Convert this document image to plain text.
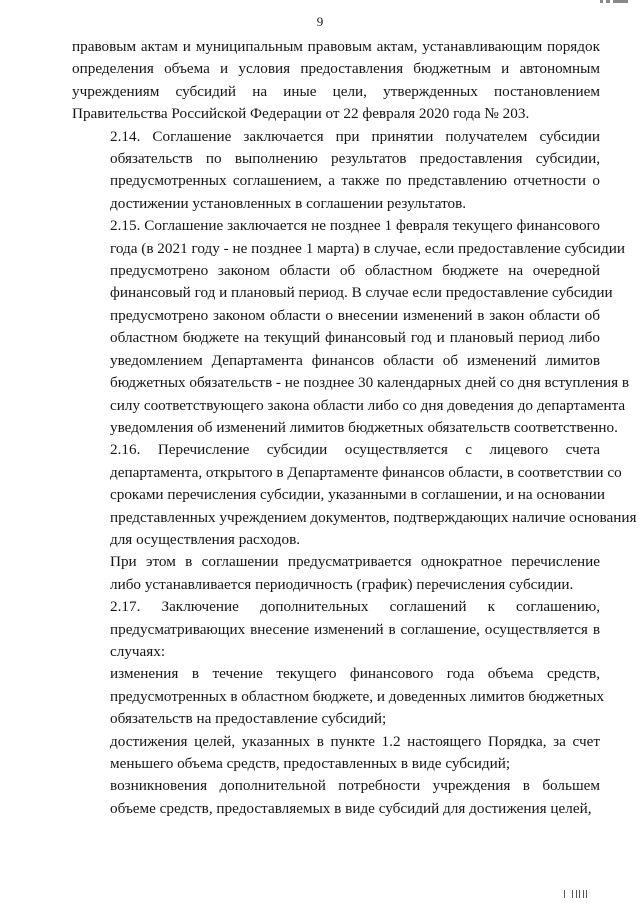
9

правовым актам и муниципальным правовым актам, устанавливающим порядок
определения объема и условия предоставления бюджетным и автономным
учреждениям субсидий на иные цели, утвержденных постановлением
Правительства Российской Федерации от 22 февраля 2020 года № 203.

2.14. Соглашение заключается при принятии получателем субсидии
обязательств по выполнению результатов предоставления субсидии,
предусмотренных соглашением, а также по представлению отчетности о
достижении установленных в соглашении результатов.

2.15. Соглашение заключается не позднее 1 февраля текущего финансового
года (в 2021 году - не позднее 1 марта) в случае, если предоставление субсидии
предусмотрено законом области об областном бюджете на очередной
финансовый год и плановый период. В случае если предоставление субсидии
предусмотрено законом области о внесении изменений в закон области об
областном бюджете на текущий финансовый год и плановый период либо
уведомлением Департамента финансов области об изменений лимитов
бюджетных обязательств - не позднее 30 календарных дней со дня вступления в
силу соответствующего закона области либо со дня доведения до департамента
уведомления об изменений лимитов бюджетных обязательств соответственно.

2.16. Перечисление субсидии осуществляется с лицевого счета
департамента, открытого в Департаменте финансов области, в соответствии со
сроками перечисления субсидии, указанными в соглашении, и на основании
представленных учреждением документов, подтверждающих наличие основания
для осуществления расходов.

При этом в соглашении предусматривается однократное перечисление
либо устанавливается периодичность (график) перечисления субсидии.

2.17. Заключение дополнительных соглашений к соглашению,
предусматривающих внесение изменений в соглашение, осуществляется в
случаях:

изменения в течение текущего финансового года объема средств,
предусмотренных в областном бюджете, и доведенных лимитов бюджетных
обязательств на предоставление субсидий;

достижения целей, указанных в пункте 1.2 настоящего Порядка, за счет
меньшего объема средств, предоставленных в виде субсидий;

возникновения дополнительной потребности учреждения в большем
объеме средств, предоставляемых в виде субсидий для достижения целей,
